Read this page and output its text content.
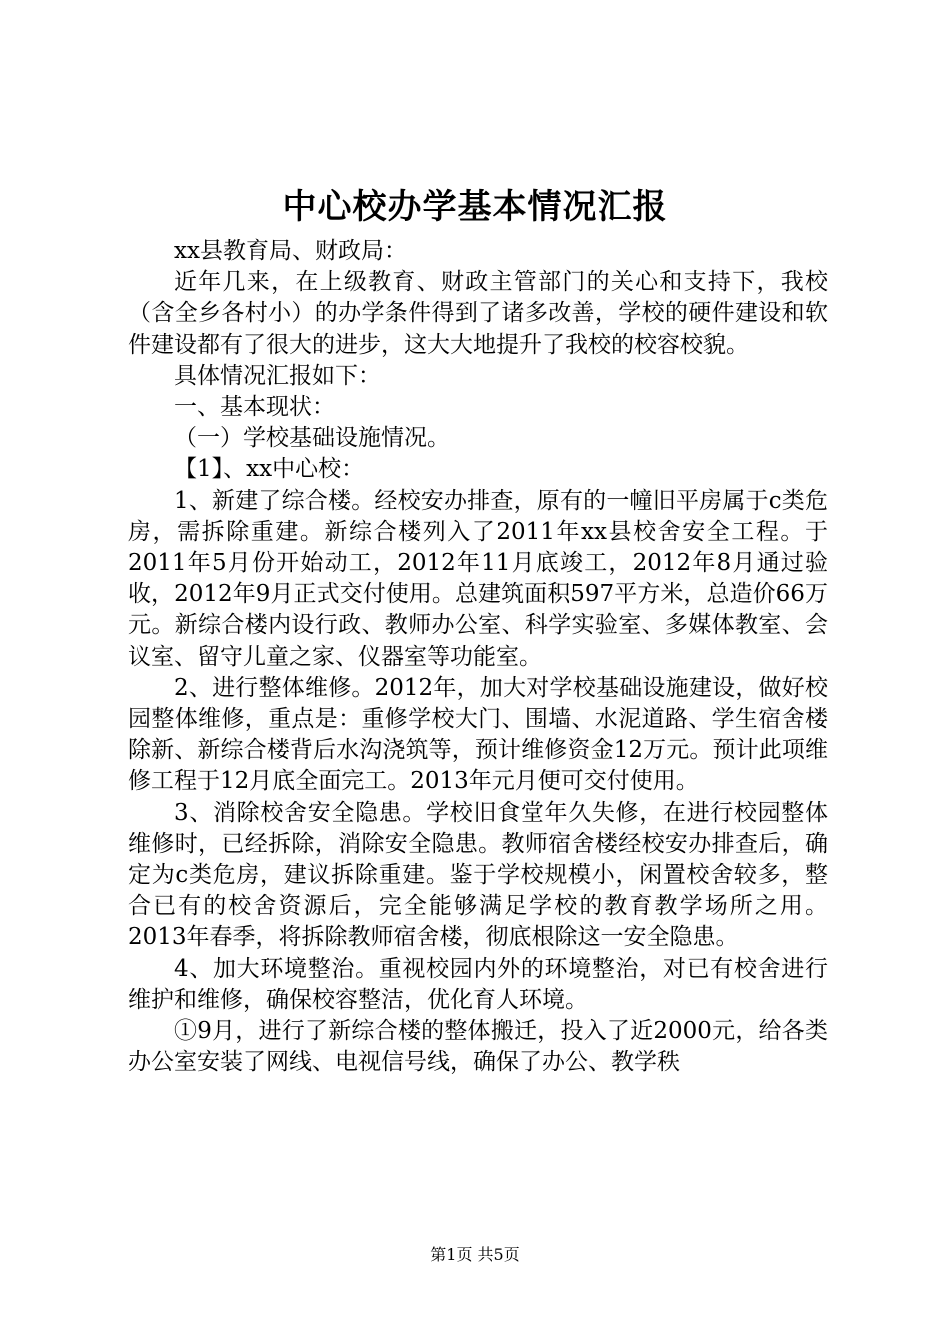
中心校办学基本情况汇报

xx县教育局、财政局：

近年几来，在上级教育、财政主管部门的关心和支持下，我校（含全乡各村小）的办学条件得到了诸多改善，学校的硬件建设和软件建设都有了很大的进步，这大大地提升了我校的校容校貌。

具体情况汇报如下：

一、基本现状：

（一）学校基础设施情况。

【1】、xx中心校：

1、新建了综合楼。经校安办排查，原有的一幢旧平房属于c类危房，需拆除重建。新综合楼列入了2011年xx县校舍安全工程。于2011年5月份开始动工，2012年11月底竣工，2012年8月通过验收，2012年9月正式交付使用。总建筑面积597平方米，总造价66万元。新综合楼内设行政、教师办公室、科学实验室、多媒体教室、会议室、留守儿童之家、仪器室等功能室。

2、进行整体维修。2012年，加大对学校基础设施建设，做好校园整体维修，重点是：重修学校大门、围墙、水泥道路、学生宿舍楼除新、新综合楼背后水沟浇筑等，预计维修资金12万元。预计此项维修工程于12月底全面完工。2013年元月便可交付使用。

3、消除校舍安全隐患。学校旧食堂年久失修，在进行校园整体维修时，已经拆除，消除安全隐患。教师宿舍楼经校安办排查后，确定为c类危房，建议拆除重建。鉴于学校规模小，闲置校舍较多，整合已有的校舍资源后，完全能够满足学校的教育教学场所之用。2013年春季，将拆除教师宿舍楼，彻底根除这一安全隐患。

4、加大环境整治。重视校园内外的环境整治，对已有校舍进行维护和维修，确保校容整洁，优化育人环境。

①9月，进行了新综合楼的整体搬迁，投入了近2000元，给各类办公室安装了网线、电视信号线，确保了办公、教学秩

第1页 共5页
